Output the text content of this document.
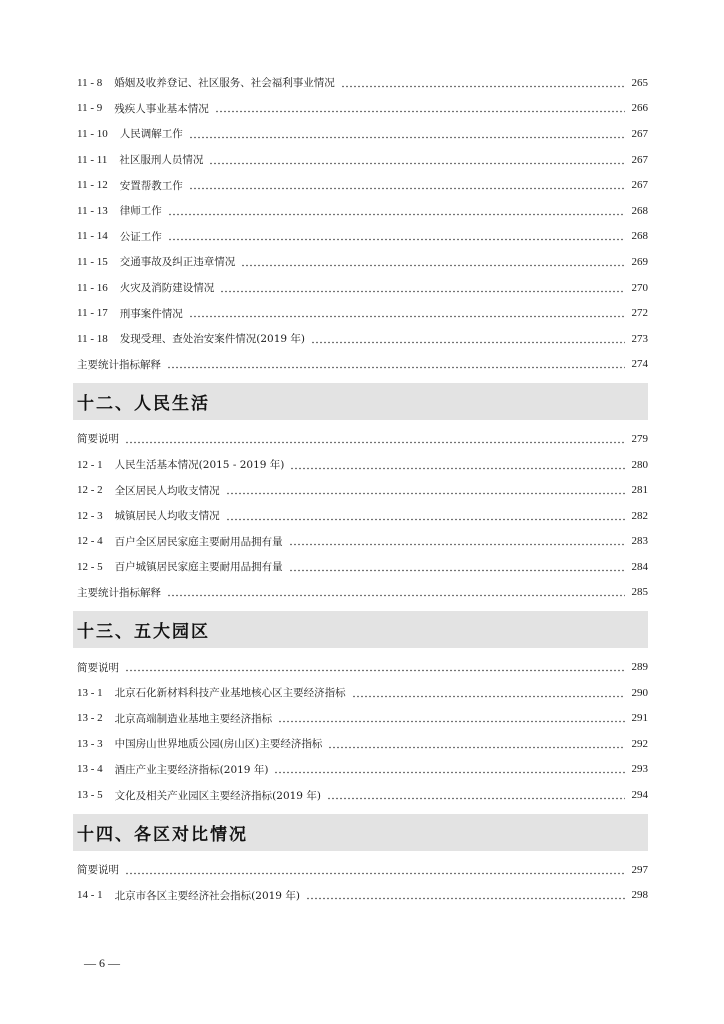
11 - 8 婚姻及收养登记、社区服务、社会福利事业情况	265
11 - 9 残疾人事业基本情况	266
11 - 10 人民调解工作	267
11 - 11 社区服刑人员情况	267
11 - 12 安置帮教工作	267
11 - 13 律师工作	268
11 - 14 公证工作	268
11 - 15 交通事故及纠正违章情况	269
11 - 16 火灾及消防建设情况	270
11 - 17 刑事案件情况	272
11 - 18 发现受理、查处治安案件情况(2019 年)	273
主要统计指标解释	274
十二、人民生活
简要说明	279
12 - 1 人民生活基本情况(2015 - 2019 年)	280
12 - 2 全区居民人均收支情况	281
12 - 3 城镇居民人均收支情况	282
12 - 4 百户全区居民家庭主要耐用品拥有量	283
12 - 5 百户城镇居民家庭主要耐用品拥有量	284
主要统计指标解释	285
十三、五大园区
简要说明	289
13 - 1 北京石化新材料科技产业基地核心区主要经济指标	290
13 - 2 北京高端制造业基地主要经济指标	291
13 - 3 中国房山世界地质公园(房山区)主要经济指标	292
13 - 4 酒庄产业主要经济指标(2019 年)	293
13 - 5 文化及相关产业园区主要经济指标(2019 年)	294
十四、各区对比情况
简要说明	297
14 - 1 北京市各区主要经济社会指标(2019 年)	298
— 6 —
